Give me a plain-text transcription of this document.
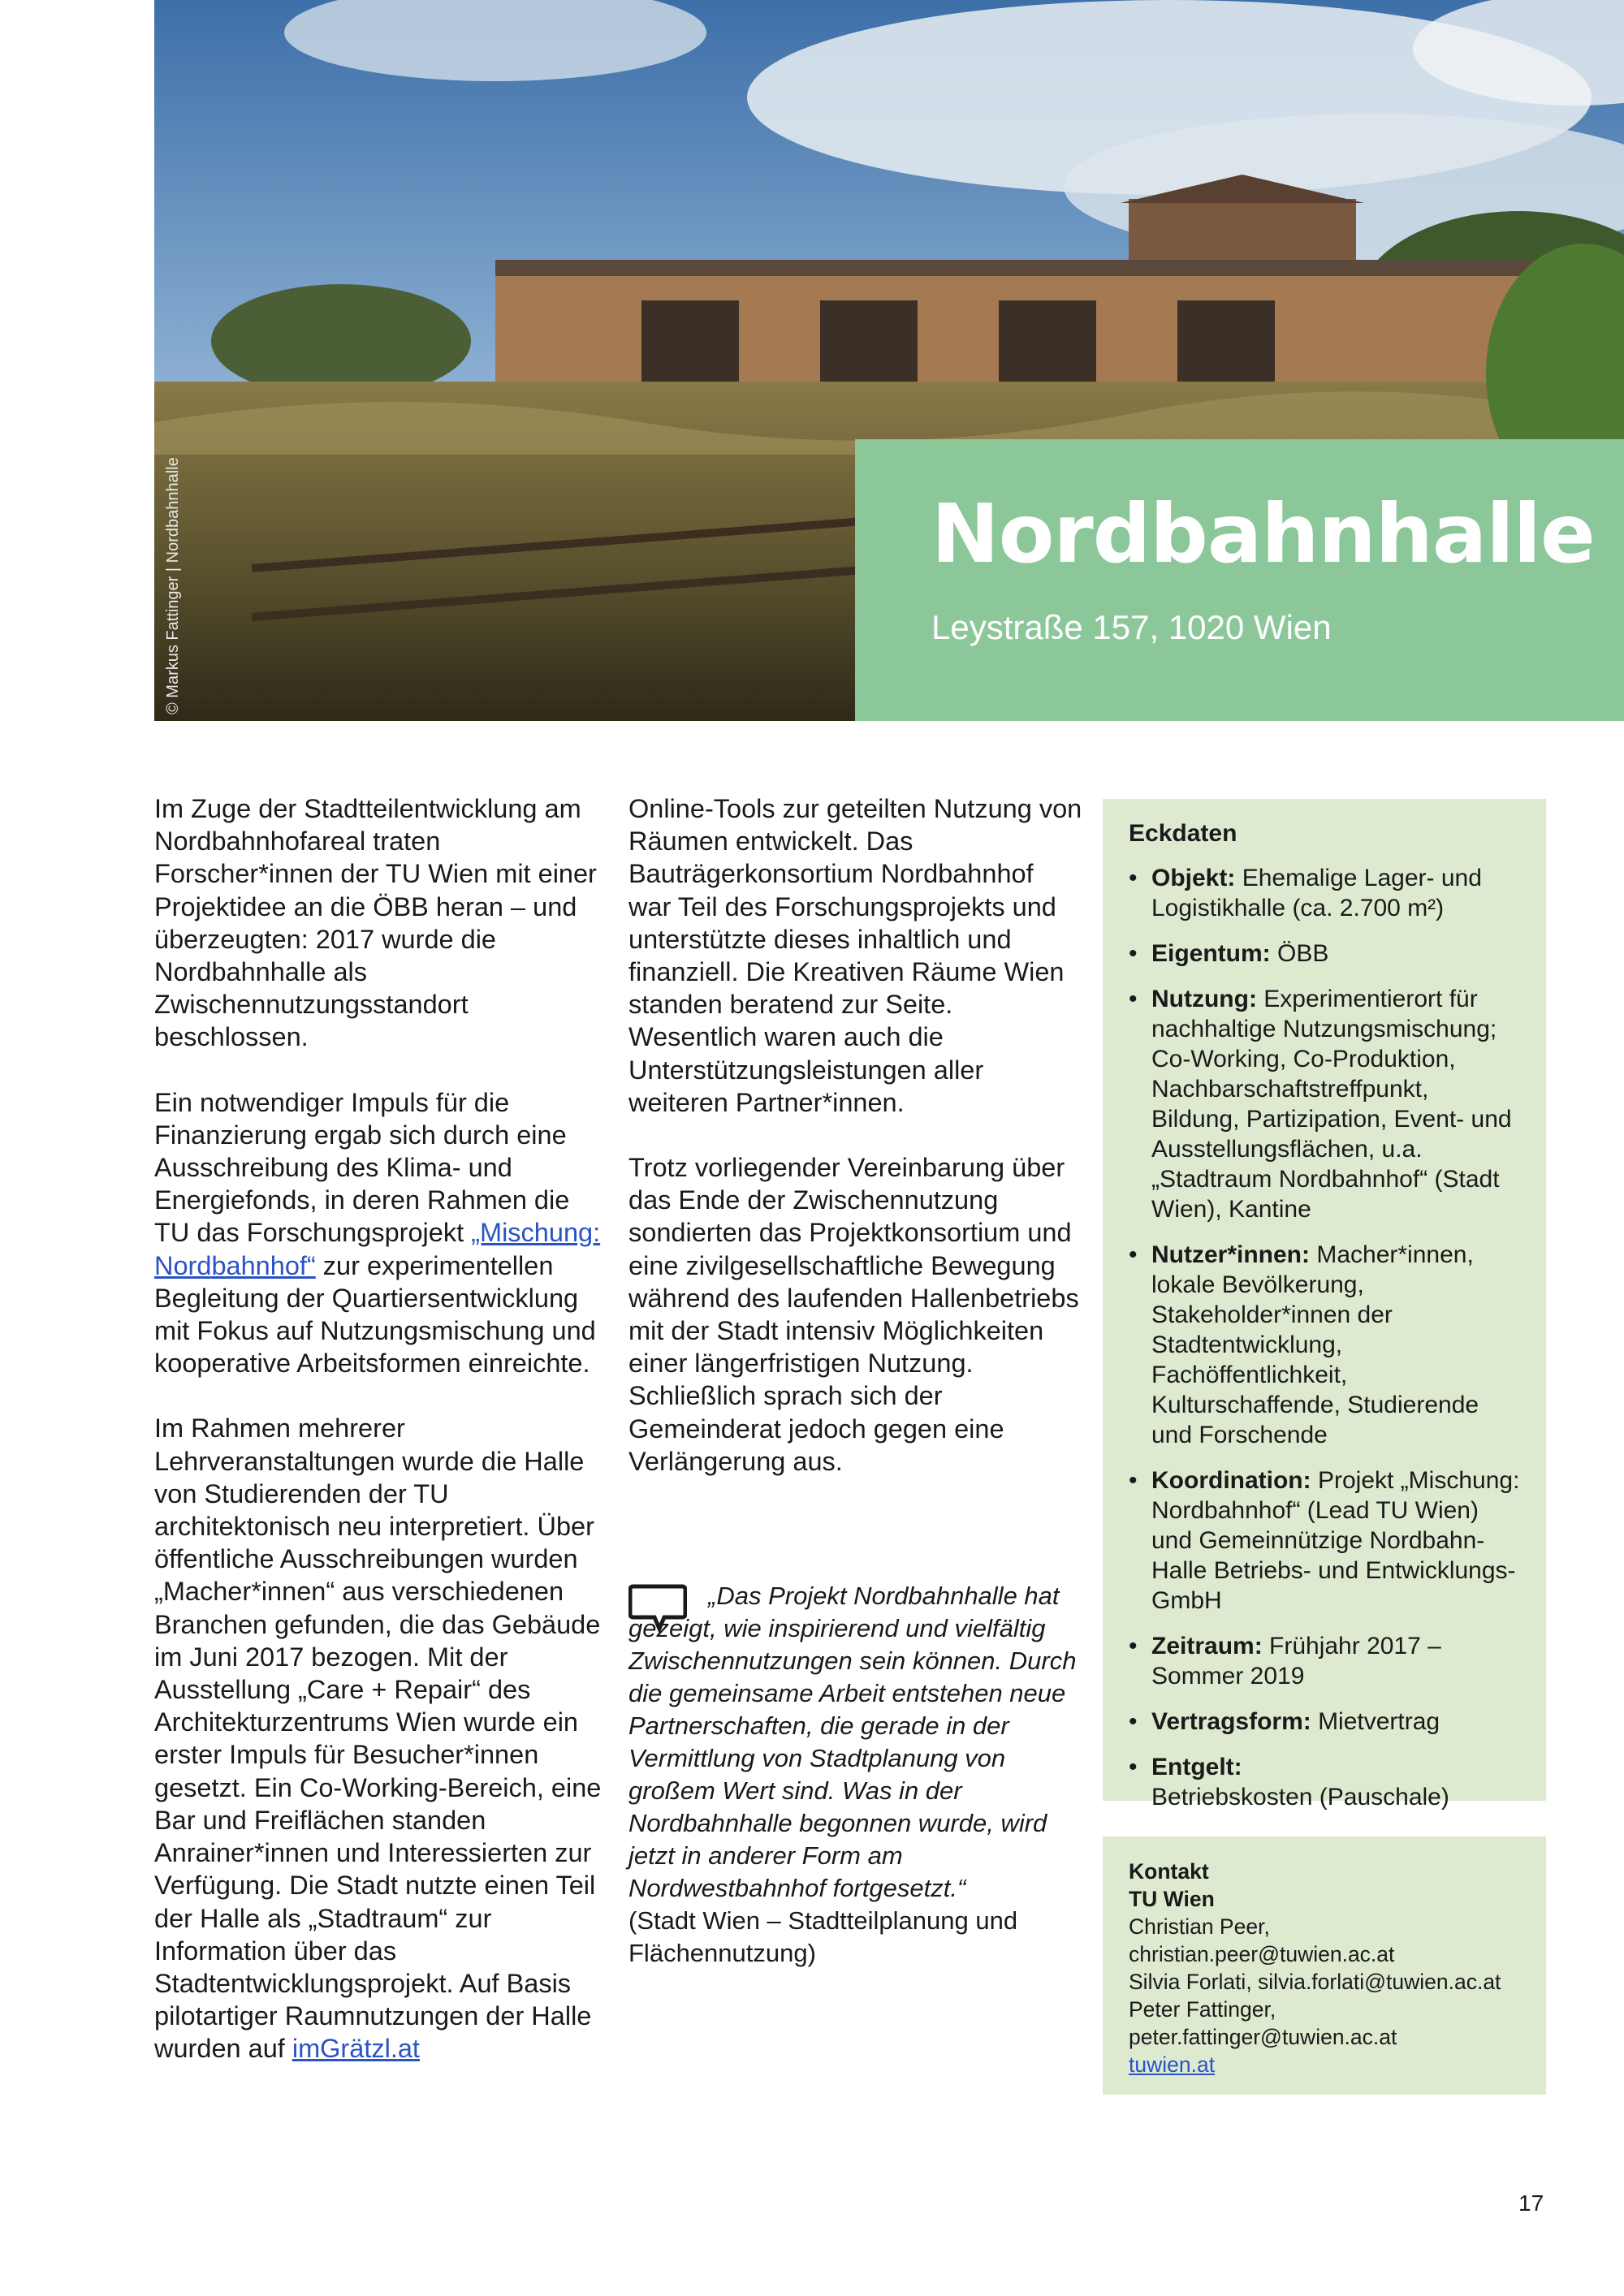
© Markus Fattinger | Nordbahnhalle	Nordbahnhalle

Leystraße 157, 1020 Wien

Im Zuge der Stadtteilentwicklung am Nordbahnhofareal traten Forscher*innen der TU Wien mit einer Projektidee an die ÖBB heran – und überzeugten: 2017 wurde die Nordbahnhalle als Zwischennutzungsstandort beschlossen.

Ein notwendiger Impuls für die Finanzierung ergab sich durch eine Ausschreibung des Klima- und Energiefonds, in deren Rahmen die TU das Forschungsprojekt „Mischung: Nordbahnhof“ zur experimentellen Begleitung der Quartiersentwicklung mit Fokus auf Nutzungsmischung und kooperative Arbeitsformen einreichte.

Im Rahmen mehrerer Lehrveranstaltungen wurde die Halle von Studierenden der TU architektonisch neu interpretiert. Über öffentliche Ausschreibungen wurden „Macher*innen“ aus verschiedenen Branchen gefunden, die das Gebäude im Juni 2017 bezogen. Mit der Ausstellung „Care + Repair“ des Architekturzentrums Wien wurde ein erster Impuls für Besucher*innen gesetzt. Ein Co-Working-Bereich, eine Bar und Freiflächen standen Anrainer*innen und Interessierten zur Verfügung. Die Stadt nutzte einen Teil der Halle als „Stadtraum“ zur Information über das Stadtentwicklungsprojekt. Auf Basis pilotartiger Raumnutzungen der Halle wurden auf imGrätzl.at

Online-Tools zur geteilten Nutzung von Räumen entwickelt. Das Bauträgerkonsortium Nordbahnhof war Teil des Forschungsprojekts und unterstützte dieses inhaltlich und finanziell. Die Kreativen Räume Wien standen beratend zur Seite. Wesentlich waren auch die Unterstützungsleistungen aller weiteren Partner*innen.

Trotz vorliegender Vereinbarung über das Ende der Zwischennutzung sondierten das Projektkonsortium und eine zivilgesellschaftliche Bewegung während des laufenden Hallenbetriebs mit der Stadt intensiv Möglichkeiten einer längerfristigen Nutzung. Schließlich sprach sich der Gemeinderat jedoch gegen eine Verlängerung aus.

„Das Projekt Nordbahnhalle hat gezeigt, wie inspirierend und vielfältig Zwischennutzungen sein können. Durch die gemeinsame Arbeit entstehen neue Partnerschaften, die gerade in der Vermittlung von Stadtplanung von großem Wert sind. Was in der Nordbahnhalle begonnen wurde, wird jetzt in anderer Form am Nordwestbahnhof fortgesetzt.“

(Stadt Wien – Stadtteilplanung und Flächennutzung)

Eckdaten
• Objekt: Ehemalige Lager- und Logistikhalle (ca. 2.700 m²)
• Eigentum: ÖBB
• Nutzung: Experimentierort für nachhaltige Nutzungsmischung; Co-Working, Co-Produktion, Nachbarschaftstreffpunkt, Bildung, Partizipation, Event- und Ausstellungsflächen, u.a. „Stadtraum Nordbahnhof“ (Stadt Wien), Kantine
• Nutzer*innen: Macher*innen, lokale Bevölkerung, Stakeholder*innen der Stadtentwicklung, Fachöffentlichkeit, Kulturschaffende, Studierende und Forschende
• Koordination: Projekt „Mischung: Nordbahnhof“ (Lead TU Wien) und Gemeinnützige Nordbahn-Halle Betriebs- und Entwicklungs-GmbH
• Zeitraum: Frühjahr 2017 – Sommer 2019
• Vertragsform: Mietvertrag
• Entgelt:
Betriebskosten (Pauschale)
Kontakt
TU Wien
Christian Peer,
christian.peer@tuwien.ac.at
Silvia Forlati, silvia.forlati@tuwien.ac.at
Peter Fattinger,
peter.fattinger@tuwien.ac.at
tuwien.at
17
